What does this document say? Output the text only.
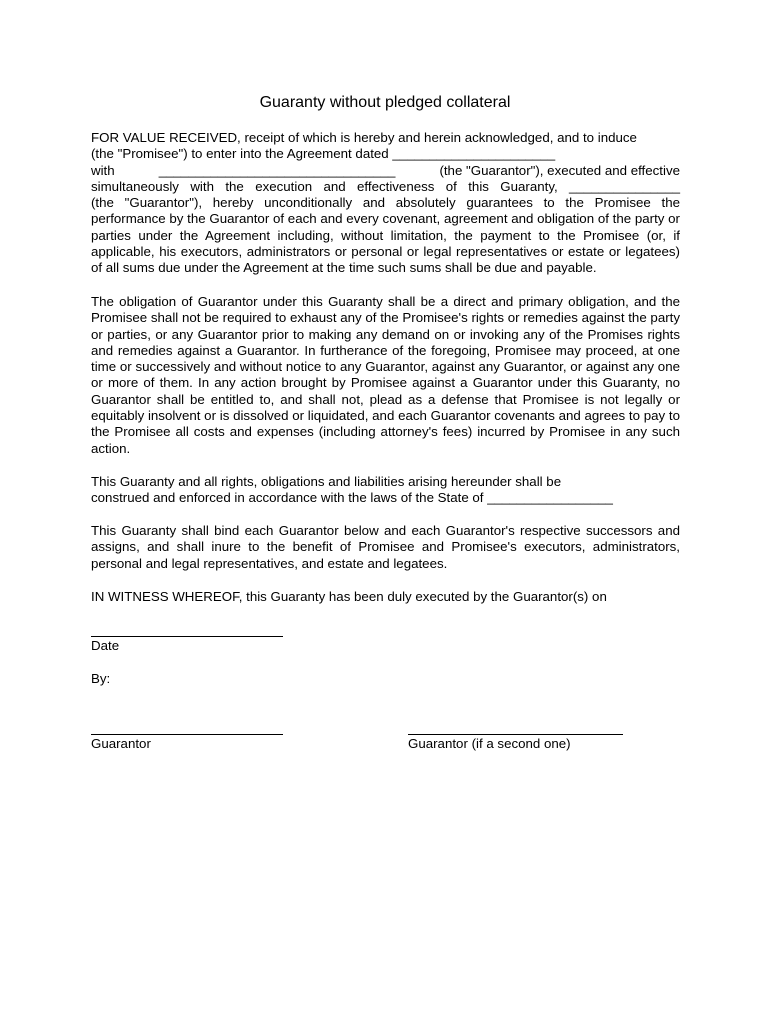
Guaranty without pledged collateral
FOR VALUE RECEIVED, receipt of which is hereby and herein acknowledged, and to induce
(the "Promisee") to enter into the Agreement dated ______________________
with	________________________________	(the "Guarantor"), executed and effective
simultaneously with the execution and effectiveness of this Guaranty, _______________
(the "Guarantor"), hereby unconditionally and absolutely guarantees to the Promisee the performance by the Guarantor of each and every covenant, agreement and obligation of the party or parties under the Agreement including, without limitation, the payment to the Promisee (or, if applicable, his executors, administrators or personal or legal representatives or estate or legatees) of all sums due under the Agreement at the time such sums shall be due and payable.
The obligation of Guarantor under this Guaranty shall be a direct and primary obligation, and the Promisee shall not be required to exhaust any of the Promisee's rights or remedies against the party or parties, or any Guarantor prior to making any demand on or invoking any of the Promises rights and remedies against a Guarantor. In furtherance of the foregoing, Promisee may proceed, at one time or successively and without notice to any Guarantor, against any Guarantor, or against any one or more of them. In any action brought by Promisee against a Guarantor under this Guaranty, no Guarantor shall be entitled to, and shall not, plead as a defense that Promisee is not legally or equitably insolvent or is dissolved or liquidated, and each Guarantor covenants and agrees to pay to the Promisee all costs and expenses (including attorney's fees) incurred by Promisee in any such action.
This Guaranty and all rights, obligations and liabilities arising hereunder shall be
construed and enforced in accordance with the laws of the State of _________________
This Guaranty shall bind each Guarantor below and each Guarantor's respective successors and assigns, and shall inure to the benefit of Promisee and Promisee's executors, administrators, personal and legal representatives, and estate and legatees.
IN WITNESS WHEREOF, this Guaranty has been duly executed by the Guarantor(s) on
Date
By:
Guarantor	Guarantor (if a second one)
